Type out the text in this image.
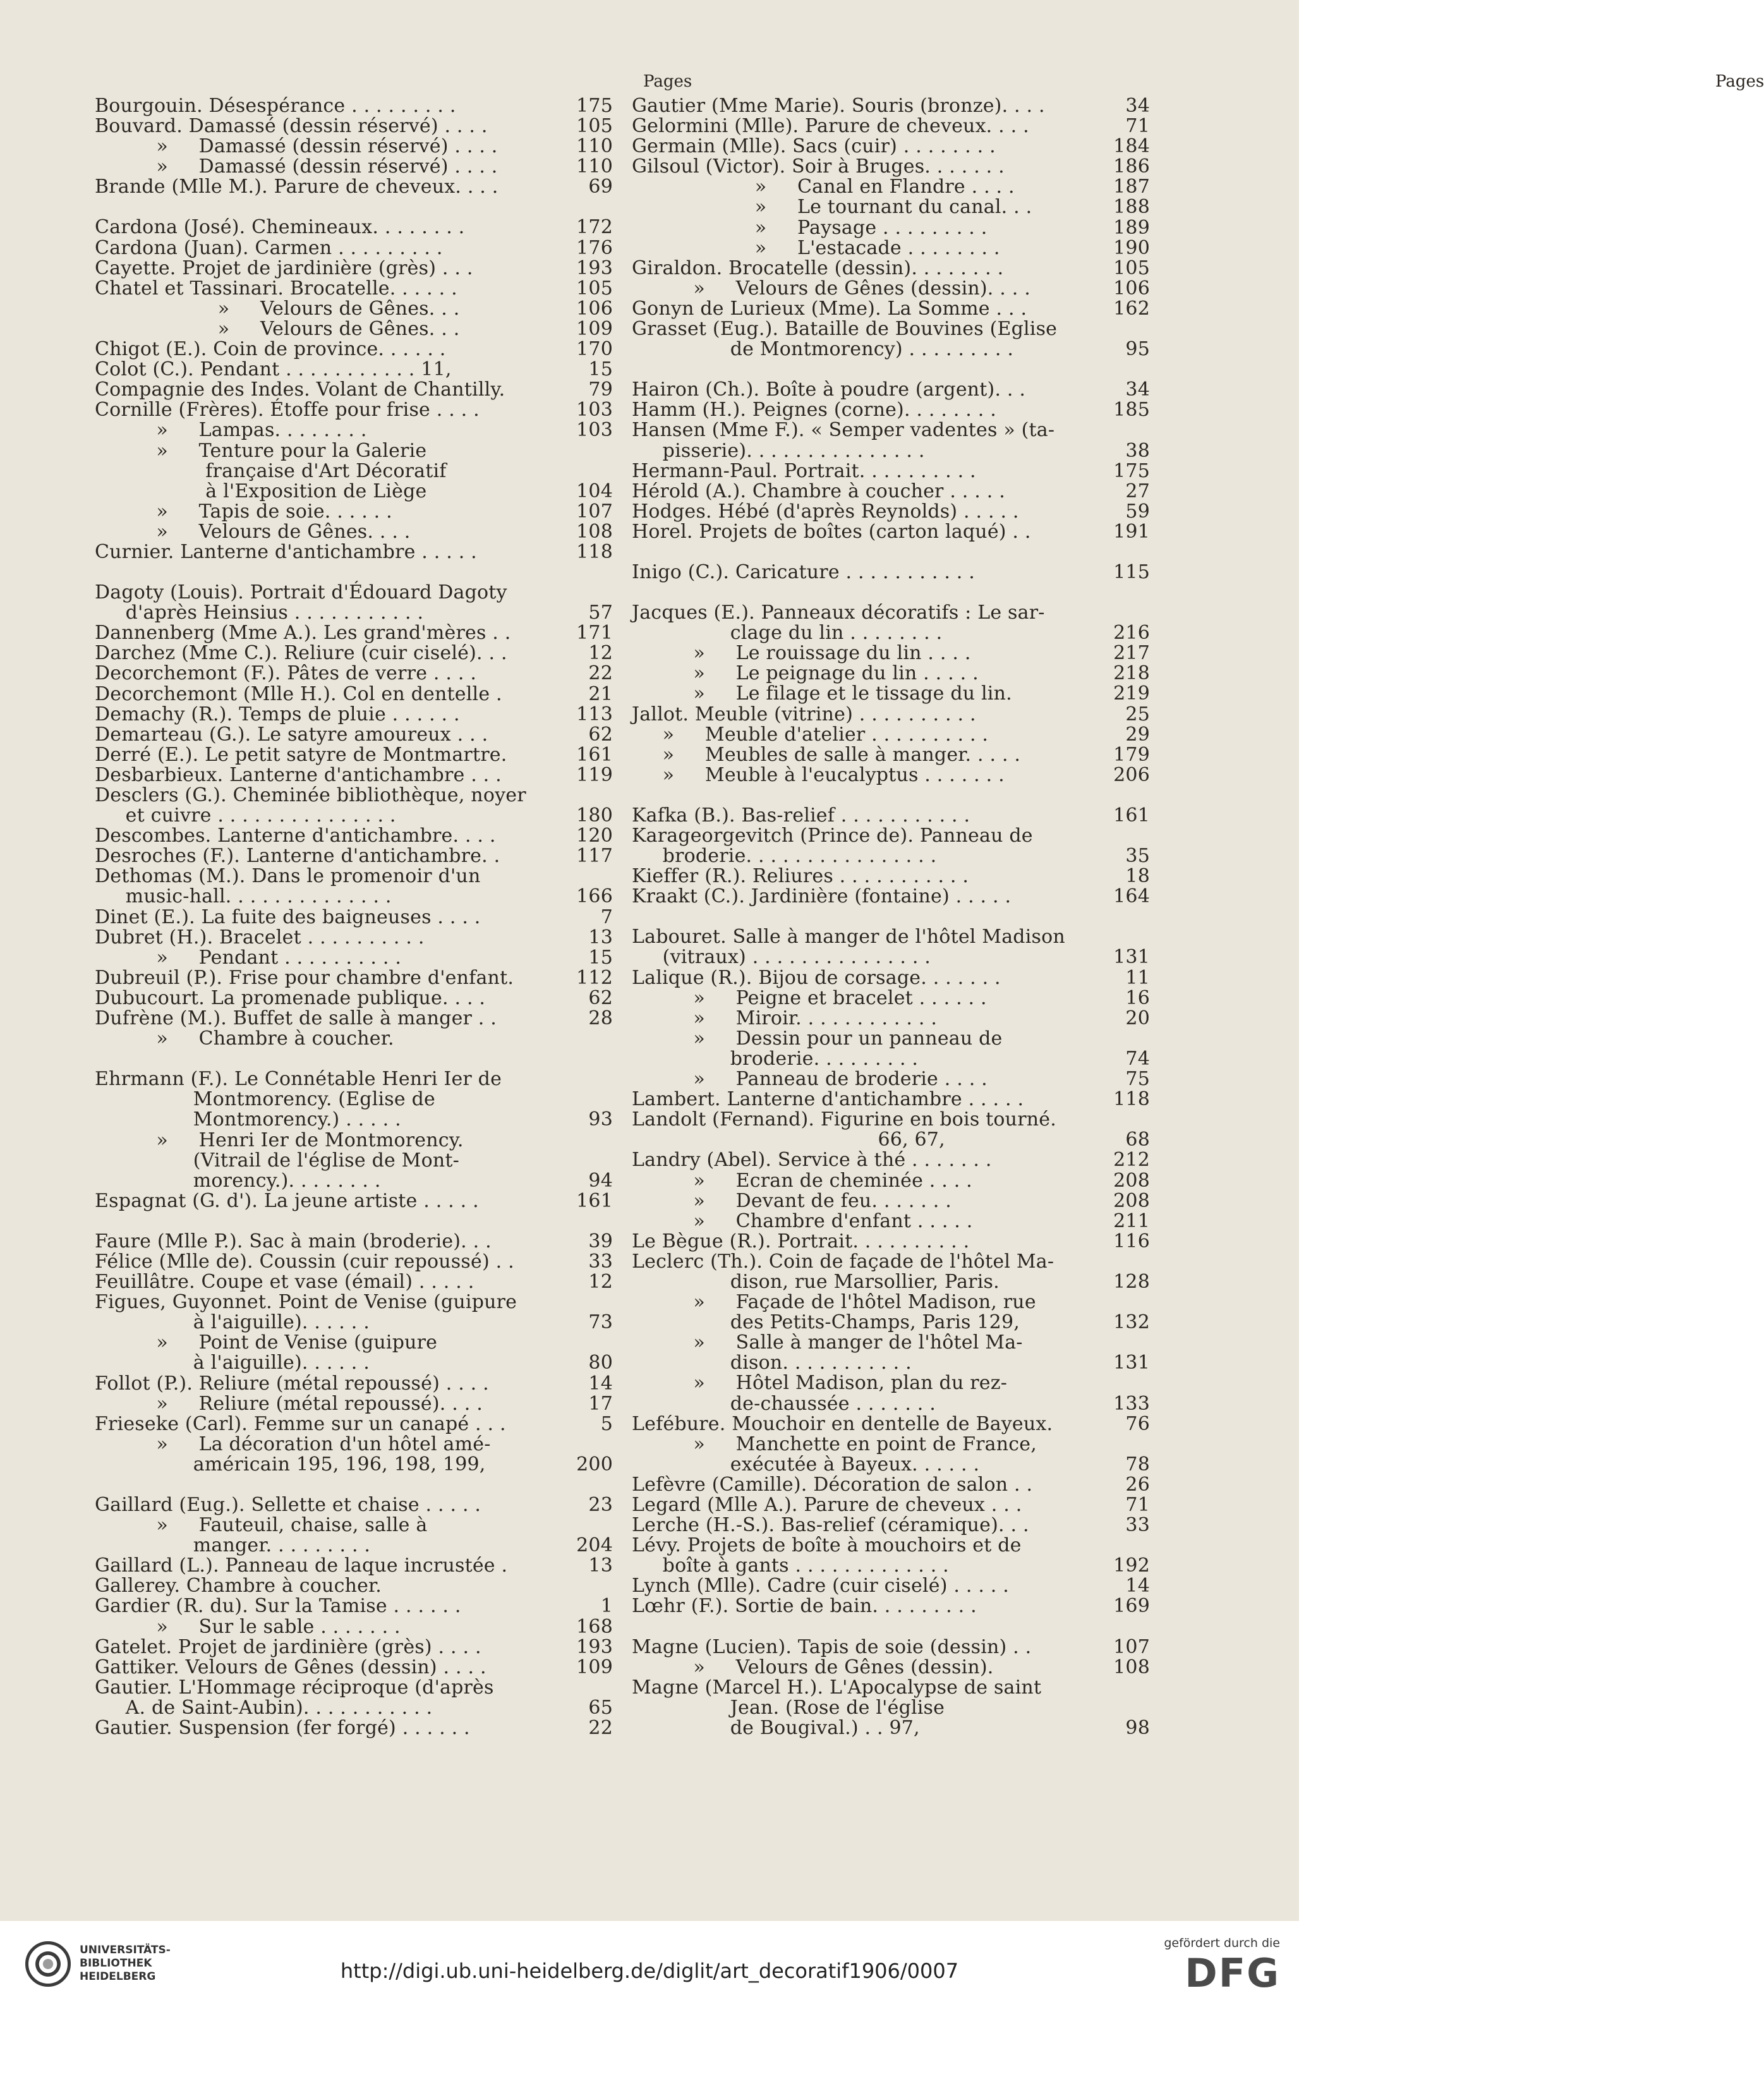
Pages
Bourgouin. Désespérance . . . . . . . . .	175
Bouvard. Damassé (dessin réservé) . . . .	105
»     Damassé (dessin réservé) . . . .	110
»     Damassé (dessin réservé) . . . .	110
Brande (Mlle M.). Parure de cheveux. . . .	69
Cardona (José). Chemineaux. . . . . . . .	172
Cardona (Juan). Carmen . . . . . . . . .	176
Cayette. Projet de jardinière (grès) . . .	193
Chatel et Tassinari. Brocatelle. . . . . .	105
»     Velours de Gênes. . .	106
»     Velours de Gênes. . .	109
Chigot (E.). Coin de province. . . . . .	170
Colot (C.). Pendant . . . . . . . . . . . 11,	15
Compagnie des Indes. Volant de Chantilly.	79
Cornille (Frères). Étoffe pour frise . . . .	103
»     Lampas. . . . . . . .	103
»     Tenture pour la Galerie
française d'Art Décoratif
à l'Exposition de Liège	104
»     Tapis de soie. . . . . .	107
»     Velours de Gênes. . . .	108
Curnier. Lanterne d'antichambre . . . . .	118
Dagoty (Louis). Portrait d'Édouard Dagoty
d'après Heinsius . . . . . . . . . . .	57
Dannenberg (Mme A.). Les grand'mères . .	171
Darchez (Mme C.). Reliure (cuir ciselé). . .	12
Decorchemont (F.). Pâtes de verre . . . .	22
Decorchemont (Mlle H.). Col en dentelle .	21
Demachy (R.). Temps de pluie . . . . . .	113
Demarteau (G.). Le satyre amoureux . . .	62
Derré (E.). Le petit satyre de Montmartre.	161
Desbarbieux. Lanterne d'antichambre . . .	119
Desclers (G.). Cheminée bibliothèque, noyer
et cuivre . . . . . . . . . . . . . . .	180
Descombes. Lanterne d'antichambre. . . .	120
Desroches (F.). Lanterne d'antichambre. .	117
Dethomas (M.). Dans le promenoir d'un
music-hall. . . . . . . . . . . . . .	166
Dinet (E.). La fuite des baigneuses . . . .	7
Dubret (H.). Bracelet . . . . . . . . . .	13
»     Pendant . . . . . . . . . .	15
Dubreuil (P.). Frise pour chambre d'enfant.	112
Dubucourt. La promenade publique. . . .	62
Dufrène (M.). Buffet de salle à manger . .	28
»     Chambre à coucher.
Ehrmann (F.). Le Connétable Henri Ier de
Montmorency. (Eglise de
Montmorency.) . . . . .	93
»     Henri Ier de Montmorency.
(Vitrail de l'église de Mont-
morency.). . . . . . . .	94
Espagnat (G. d'). La jeune artiste . . . . .	161
Faure (Mlle P.). Sac à main (broderie). . .	39
Félice (Mlle de). Coussin (cuir repoussé) . .	33
Feuillâtre. Coupe et vase (émail) . . . . .	12
Figues, Guyonnet. Point de Venise (guipure
à l'aiguille). . . . . .	73
»     Point de Venise (guipure
à l'aiguille). . . . . .	80
Follot (P.). Reliure (métal repoussé) . . . .	14
»     Reliure (métal repoussé). . . .	17
Frieseke (Carl). Femme sur un canapé . . .	5
»     La décoration d'un hôtel amé-
américain 195, 196, 198, 199,	200
Gaillard (Eug.). Sellette et chaise . . . . .	23
»     Fauteuil, chaise, salle à
manger. . . . . . . . .	204
Gaillard (L.). Panneau de laque incrustée .	13
Gallerey. Chambre à coucher.
Gardier (R. du). Sur la Tamise . . . . . .	1
»     Sur le sable . . . . . . .	168
Gatelet. Projet de jardinière (grès) . . . .	193
Gattiker. Velours de Gênes (dessin) . . . .	109
Gautier. L'Hommage réciproque (d'après
A. de Saint-Aubin). . . . . . . . . . .	65
Gautier. Suspension (fer forgé) . . . . . .	22
Pages
Gautier (Mme Marie). Souris (bronze). . . .	34
Gelormini (Mlle). Parure de cheveux. . . .	71
Germain (Mlle). Sacs (cuir) . . . . . . . .	184
Gilsoul (Victor). Soir à Bruges. . . . . . .	186
»     Canal en Flandre . . . .	187
»     Le tournant du canal. . .	188
»     Paysage . . . . . . . . .	189
»     L'estacade . . . . . . . .	190
Giraldon. Brocatelle (dessin). . . . . . . .	105
»     Velours de Gênes (dessin). . . .	106
Gonyn de Lurieux (Mme). La Somme . . .	162
Grasset (Eug.). Bataille de Bouvines (Eglise
de Montmorency) . . . . . . . . .	95
Hairon (Ch.). Boîte à poudre (argent). . .	34
Hamm (H.). Peignes (corne). . . . . . . .	185
Hansen (Mme F.). « Semper vadentes » (ta-
pisserie). . . . . . . . . . . . . . .	38
Hermann-Paul. Portrait. . . . . . . . . .	175
Hérold (A.). Chambre à coucher . . . . .	27
Hodges. Hébé (d'après Reynolds) . . . . .	59
Horel. Projets de boîtes (carton laqué) . .	191
Inigo (C.). Caricature . . . . . . . . . . .	115
Jacques (E.). Panneaux décoratifs : Le sar-
clage du lin . . . . . . . .	216
»     Le rouissage du lin . . . .	217
»     Le peignage du lin . . . . .	218
»     Le filage et le tissage du lin.	219
Jallot. Meuble (vitrine) . . . . . . . . . .	25
»     Meuble d'atelier . . . . . . . . . .	29
»     Meubles de salle à manger. . . . .	179
»     Meuble à l'eucalyptus . . . . . . .	206
Kafka (B.). Bas-relief . . . . . . . . . . .	161
Karageorgevitch (Prince de). Panneau de
broderie. . . . . . . . . . . . . . . .	35
Kieffer (R.). Reliures . . . . . . . . . . .	18
Kraakt (C.). Jardinière (fontaine) . . . . .	164
Labouret. Salle à manger de l'hôtel Madison
(vitraux) . . . . . . . . . . . . . . .	131
Lalique (R.). Bijou de corsage. . . . . . .	11
»     Peigne et bracelet . . . . . .	16
»     Miroir. . . . . . . . . . . .	20
»     Dessin pour un panneau de
broderie. . . . . . . . .	74
»     Panneau de broderie . . . .	75
Lambert. Lanterne d'antichambre . . . . .	118
Landolt (Fernand). Figurine en bois tourné.
66, 67,	68
Landry (Abel). Service à thé . . . . . . .	212
»     Ecran de cheminée . . . .	208
»     Devant de feu. . . . . . .	208
»     Chambre d'enfant . . . . .	211
Le Bègue (R.). Portrait. . . . . . . . . .	116
Leclerc (Th.). Coin de façade de l'hôtel Ma-
dison, rue Marsollier, Paris.	128
»     Façade de l'hôtel Madison, rue
des Petits-Champs, Paris 129,	132
»     Salle à manger de l'hôtel Ma-
dison. . . . . . . . . . .	131
»     Hôtel Madison, plan du rez-
de-chaussée . . . . . . .	133
Lefébure. Mouchoir en dentelle de Bayeux.	76
»     Manchette en point de France,
exécutée à Bayeux. . . . . .	78
Lefèvre (Camille). Décoration de salon . .	26
Legard (Mlle A.). Parure de cheveux . . .	71
Lerche (H.-S.). Bas-relief (céramique). . .	33
Lévy. Projets de boîte à mouchoirs et de
boîte à gants . . . . . . . . . . . . .	192
Lynch (Mlle). Cadre (cuir ciselé) . . . . .	14
Lœhr (F.). Sortie de bain. . . . . . . . .	169
Magne (Lucien). Tapis de soie (dessin) . .	107
»     Velours de Gênes (dessin).	108
Magne (Marcel H.). L'Apocalypse de saint
Jean. (Rose de l'église
de Bougival.) . . 97,	98
UNIVERSITÄTS-
BIBLIOTHEK
HEIDELBERG	http://digi.ub.uni-heidelberg.de/diglit/art_decoratif1906/0007
gefördert durch die
DFG
